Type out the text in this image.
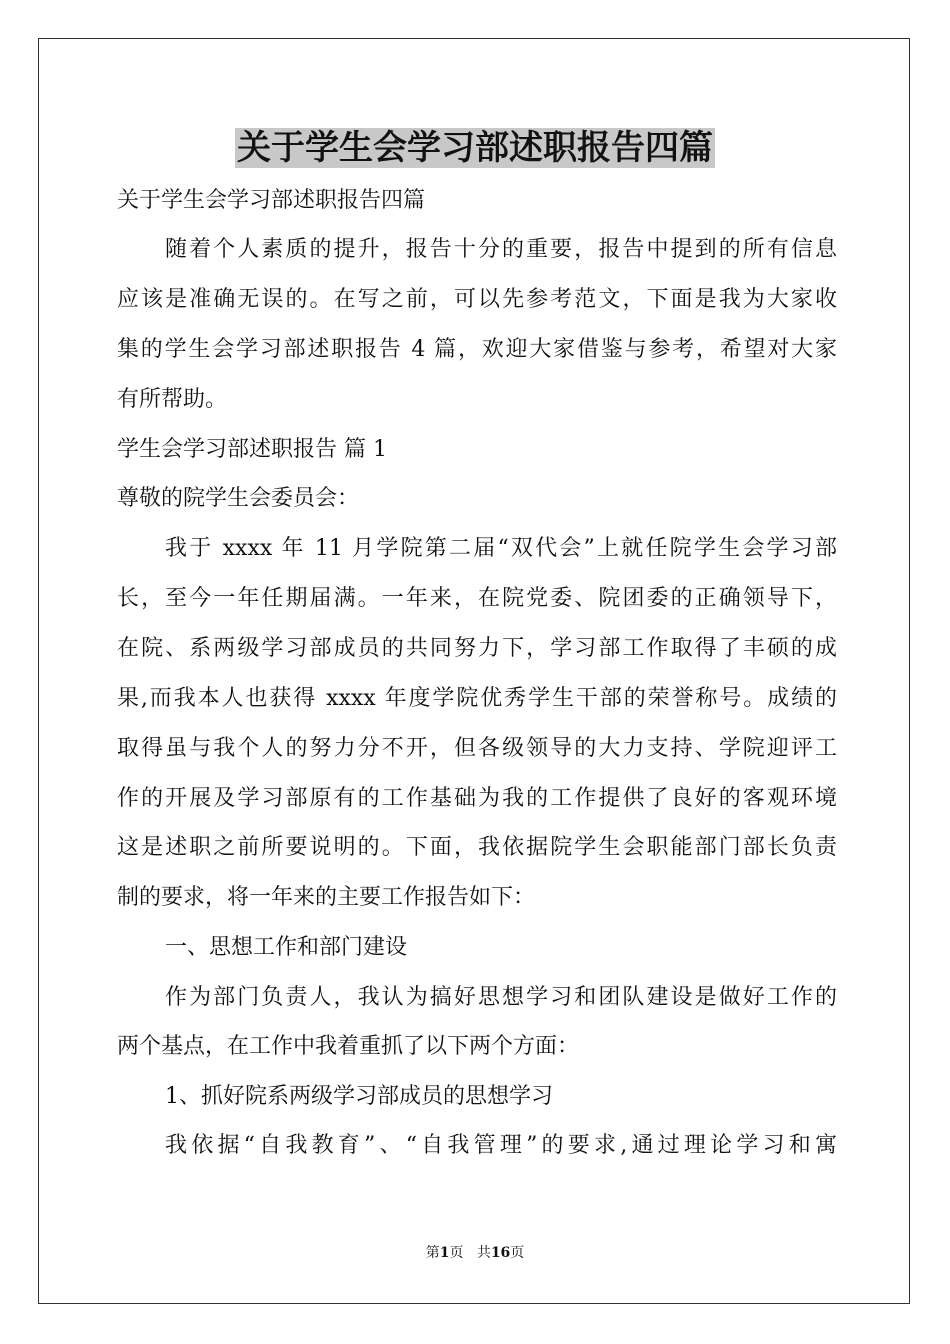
关于学生会学习部述职报告四篇
关于学生会学习部述职报告四篇
随着个人素质的提升，报告十分的重要，报告中提到的所有信息
应该是准确无误的。在写之前，可以先参考范文，下面是我为大家收
集的学生会学习部述职报告 4 篇，欢迎大家借鉴与参考，希望对大家
有所帮助。
学生会学习部述职报告 篇 1
尊敬的院学生会委员会：
我于 xxxx 年 11 月学院第二届“双代会”上就任院学生会学习部
长，至今一年任期届满。一年来，在院党委、院团委的正确领导下，
在院、系两级学习部成员的共同努力下，学习部工作取得了丰硕的成
果,而我本人也获得 xxxx 年度学院优秀学生干部的荣誉称号。成绩的
取得虽与我个人的努力分不开，但各级领导的大力支持、学院迎评工
作的开展及学习部原有的工作基础为我的工作提供了良好的客观环境
这是述职之前所要说明的。下面，我依据院学生会职能部门部长负责
制的要求，将一年来的主要工作报告如下：
一、思想工作和部门建设
作为部门负责人，我认为搞好思想学习和团队建设是做好工作的
两个基点，在工作中我着重抓了以下两个方面：
1、抓好院系两级学习部成员的思想学习
我依据“自我教育”、“自我管理”的要求,通过理论学习和寓
第1页 共16页
